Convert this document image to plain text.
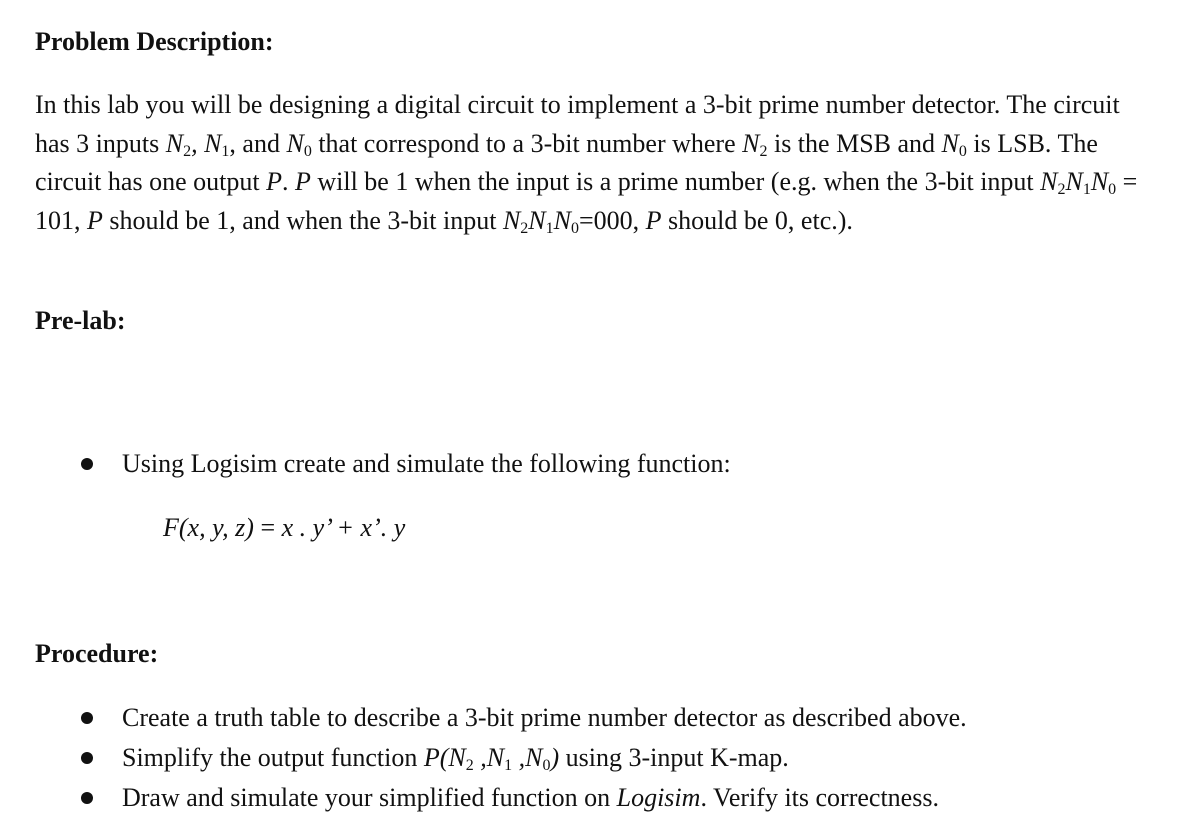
Problem Description:

In this lab you will be designing a digital circuit to implement a 3-bit prime number detector. The circuit has 3 inputs $N_2$, $N_1$, and $N_0$ that correspond to a 3-bit number where $N_2$ is the MSB and $N_0$ is LSB. The circuit has one output P. P will be 1 when the input is a prime number (e.g. when the 3-bit input $N_2N_1N_0 = 101$, P should be 1, and when the 3-bit input $N_2N_1N_0=000$, P should be 0, etc.).

Pre-lab:
Using Logisim create and simulate the following function:
F(x, y, z) = x . y’ + x’. y
Procedure:
Create a truth table to describe a 3-bit prime number detector as described above.
Simplify the output function $P(N_2$ $,N_1$ $,N_0$) using 3-input K-map.
Draw and simulate your simplified function on Logisim. Verify its correctness.
